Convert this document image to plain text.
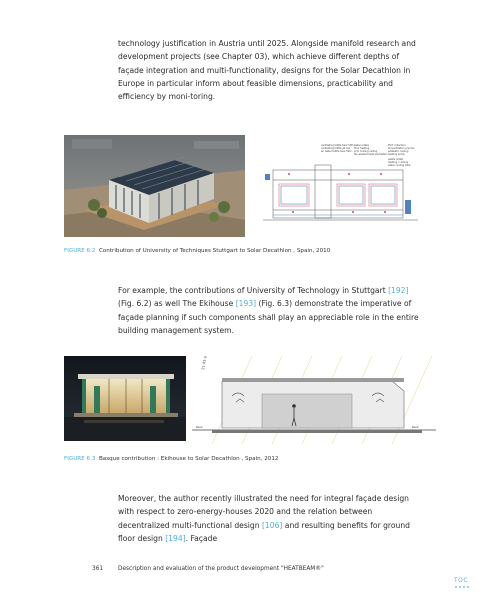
technology justification in Austria until 2025. Alongside manifold research and development projects (see Chapter 03), which achieve different depths of façade integration and multi-functionality, designs for the Solar Decathlon in Europe in particular inform about feasible dimensions, practicability and efficiency by moni-toring.

ventilating bottle tank 500 l
ventilating bottle jet low
air water bottle tank 500 l
water intake
floor heating
pcm cooling ceiling
fan-assisted wall ventilation
PV/T collectors
air/ventilation pre-mix
adiabatic cooling
heating pump
waste outlet
heating / cooling
water cooling tube
FIGURE 6.2 Contribution of University of Techniques Stuttgart to Solar Decathlon , Spain, 2010

For example, the contributions of University of Technology in Stuttgart [192] (Fig. 6.2) as well The Ekihouse [193] (Fig. 6.3) demonstrate the imperative of façade planning if such components shall play an appreciable role in the entire building management system.

21-45 sun loss
Basic	Basic
FIGURE 6.3 Basque contribution : Ekihouse to Solar Decathlon , Spain, 2012

Moreover, the author recently illustrated the need for integral façade design with respect to zero-energy-houses 2020 and the relation between decentralized multi-functional design [106] and resulting benefits for ground floor design [194]. Façade

361	Description and evaluation of the product development "HEATBEAM®"
TOC
